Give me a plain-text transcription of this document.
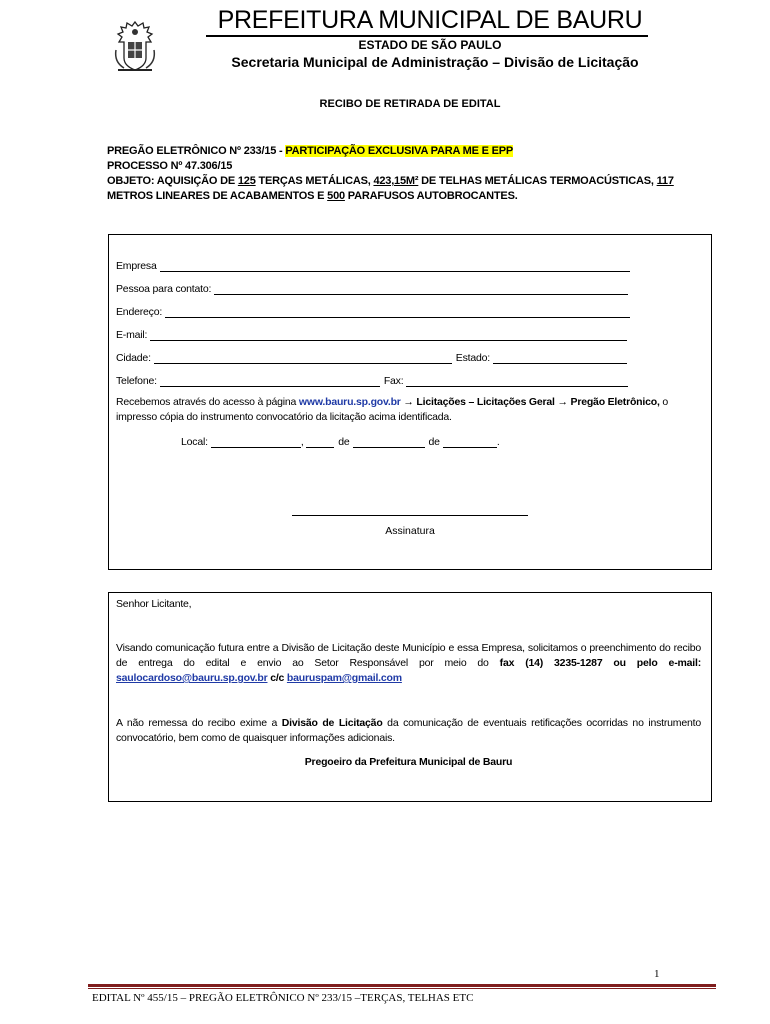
PREFEITURA MUNICIPAL DE BAURU
ESTADO DE SÃO PAULO
Secretaria Municipal de Administração – Divisão de Licitação
RECIBO DE RETIRADA DE EDITAL
PREGÃO ELETRÔNICO Nº 233/15 - PARTICIPAÇÃO EXCLUSIVA PARA ME E EPP
PROCESSO Nº 47.306/15
OBJETO: AQUISIÇÃO DE 125 TERÇAS METÁLICAS, 423,15M² DE TELHAS METÁLICAS TERMOACÚSTICAS, 117 METROS LINEARES DE ACABAMENTOS E 500 PARAFUSOS AUTOBROCANTES.
Empresa
Pessoa para contato:
Endereço:
E-mail:
Cidade:	Estado:
Telefone:	Fax:
Recebemos através do acesso à página www.bauru.sp.gov.br → Licitações – Licitações Geral → Pregão Eletrônico, o impresso cópia do instrumento convocatório da licitação acima identificada.
Local:	,	de	de	.
Assinatura
Senhor Licitante,
Visando comunicação futura entre a Divisão de Licitação deste Município e essa Empresa, solicitamos o preenchimento do recibo de entrega do edital e envio ao Setor Responsável por meio do fax (14) 3235-1287 ou pelo e-mail: saulocardoso@bauru.sp.gov.br c/c bauruspam@gmail.com
A não remessa do recibo exime a Divisão de Licitação da comunicação de eventuais retificações ocorridas no instrumento convocatório, bem como de quaisquer informações adicionais.
Pregoeiro da Prefeitura Municipal de Bauru
1
EDITAL Nº 455/15 – PREGÃO ELETRÔNICO Nº 233/15 –TERÇAS, TELHAS ETC
